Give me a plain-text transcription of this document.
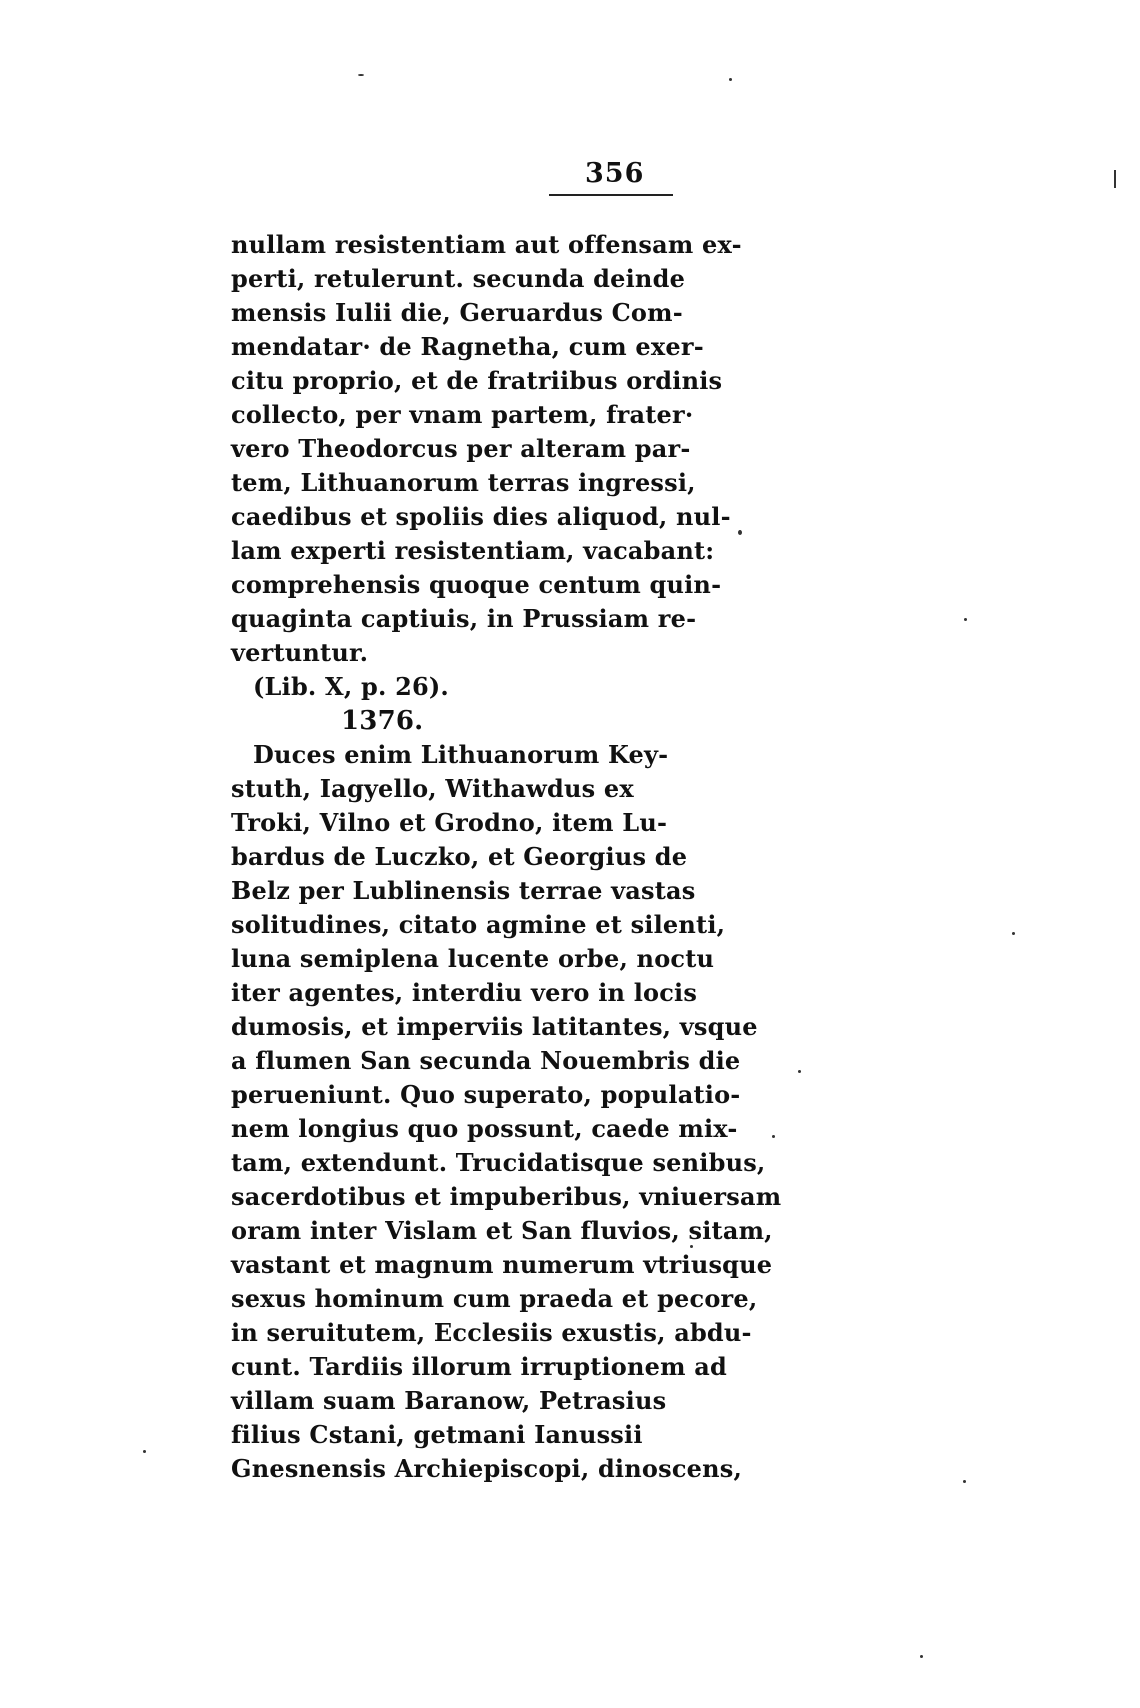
356
nullam resistentiam aut offensam ex-
perti, retulerunt. secunda deinde
mensis Iulii die, Geruardus Com-
mendatar· de Ragnetha, cum exer-
citu proprio, et de fratriibus ordinis
collecto, per vnam partem, frater·
vero Theodorcus per alteram par-
tem, Lithuanorum terras ingressi,
caedibus et spoliis dies aliquod, nul-
lam experti resistentiam, vacabant:
comprehensis quoque centum quin-
quaginta captiuis, in Prussiam re-
vertuntur.
(Lib. X, p. 26).
1376.
Duces enim Lithuanorum Key-
stuth, Iagyello, Withawdus ex
Troki, Vilno et Grodno, item Lu-
bardus de Luczko, et Georgius de
Belz per Lublinensis terrae vastas
solitudines, citato agmine et silenti,
luna semiplena lucente orbe, noctu
iter agentes, interdiu vero in locis
dumosis, et imperviis latitantes, vsque
a flumen San secunda Nouembris die
perueniunt. Quo superato, populatio-
nem longius quo possunt, caede mix-
tam, extendunt. Trucidatisque senibus,
sacerdotibus et impuberibus, vniuersam
oram inter Vislam et San fluvios, sitam,
vastant et magnum numerum vtriusque
sexus hominum cum praeda et pecore,
in seruitutem, Ecclesiis exustis, abdu-
cunt. Tardiis illorum irruptionem ad
villam suam Baranow, Petrasius
filius Cstani, getmani Ianussii
Gnesnensis Archiepiscopi, dinoscens,
